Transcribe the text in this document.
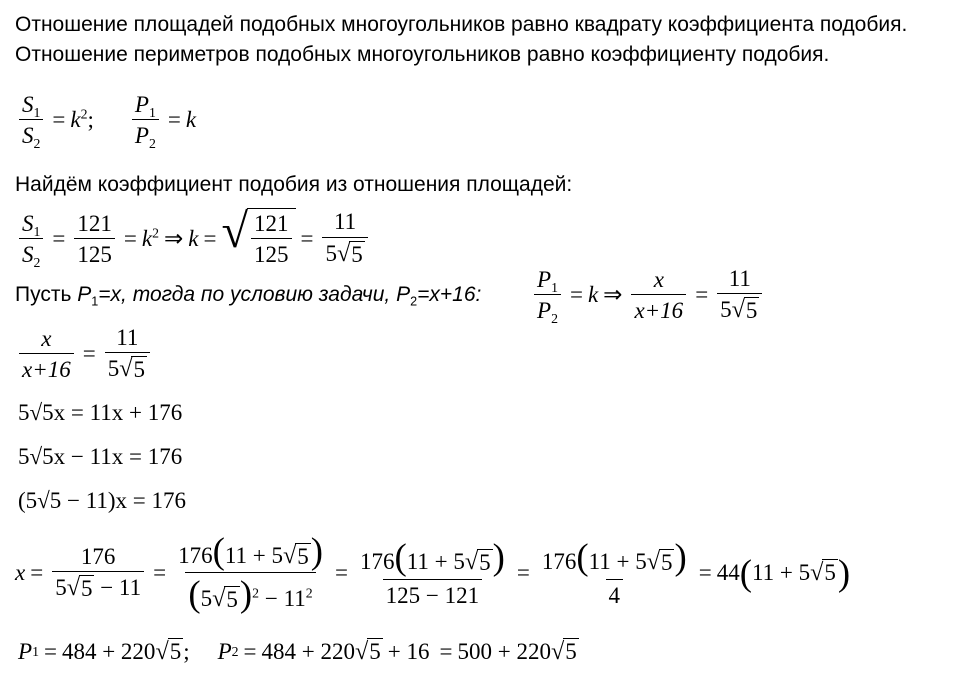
Отношение площадей подобных многоугольников равно квадрату коэффициента подобия. Отношение периметров подобных многоугольников равно коэффициенту подобия.
$\frac{S_1}{S_2} = k^2$; $\frac{P_1}{P_2} = k$
Найдём коэффициент подобия из отношения площадей:
$\frac{S_1}{S_2} = \frac{121}{125} = k^2$ ⇒ k = √ $\frac{121}{125} = \frac{11}{5 √ 5}$
Пусть $P_1=x$, тогда по условию задачи, $P_2=x+16$: $\frac{P_1}{P_2} = k$ ⇒ $\frac{x}{x+16} = \frac{11}{5 √ 5}$
$\frac{x}{x+16} = \frac{11}{5 √ 5}$
5√5x = 11x + 176
5√5x − 11x = 176
(5√5 − 11)x = 176
$x = \frac{176}{5 √ 5 - 11} = \frac{176(11 + 5 √ 5 )}{(5 √ 5 )^2 - 11^2} = \frac{176(11 + 5 √ 5 )}{125 - 121} = \frac{176(11 + 5 √ 5 )}{4} = 44$ ( 11 + 5 √ 5 )
P 1 = 484 + 220 √ 5 ; P 2 = 484 + 220 √ 5 + 16 = 500 + 220 √ 5
